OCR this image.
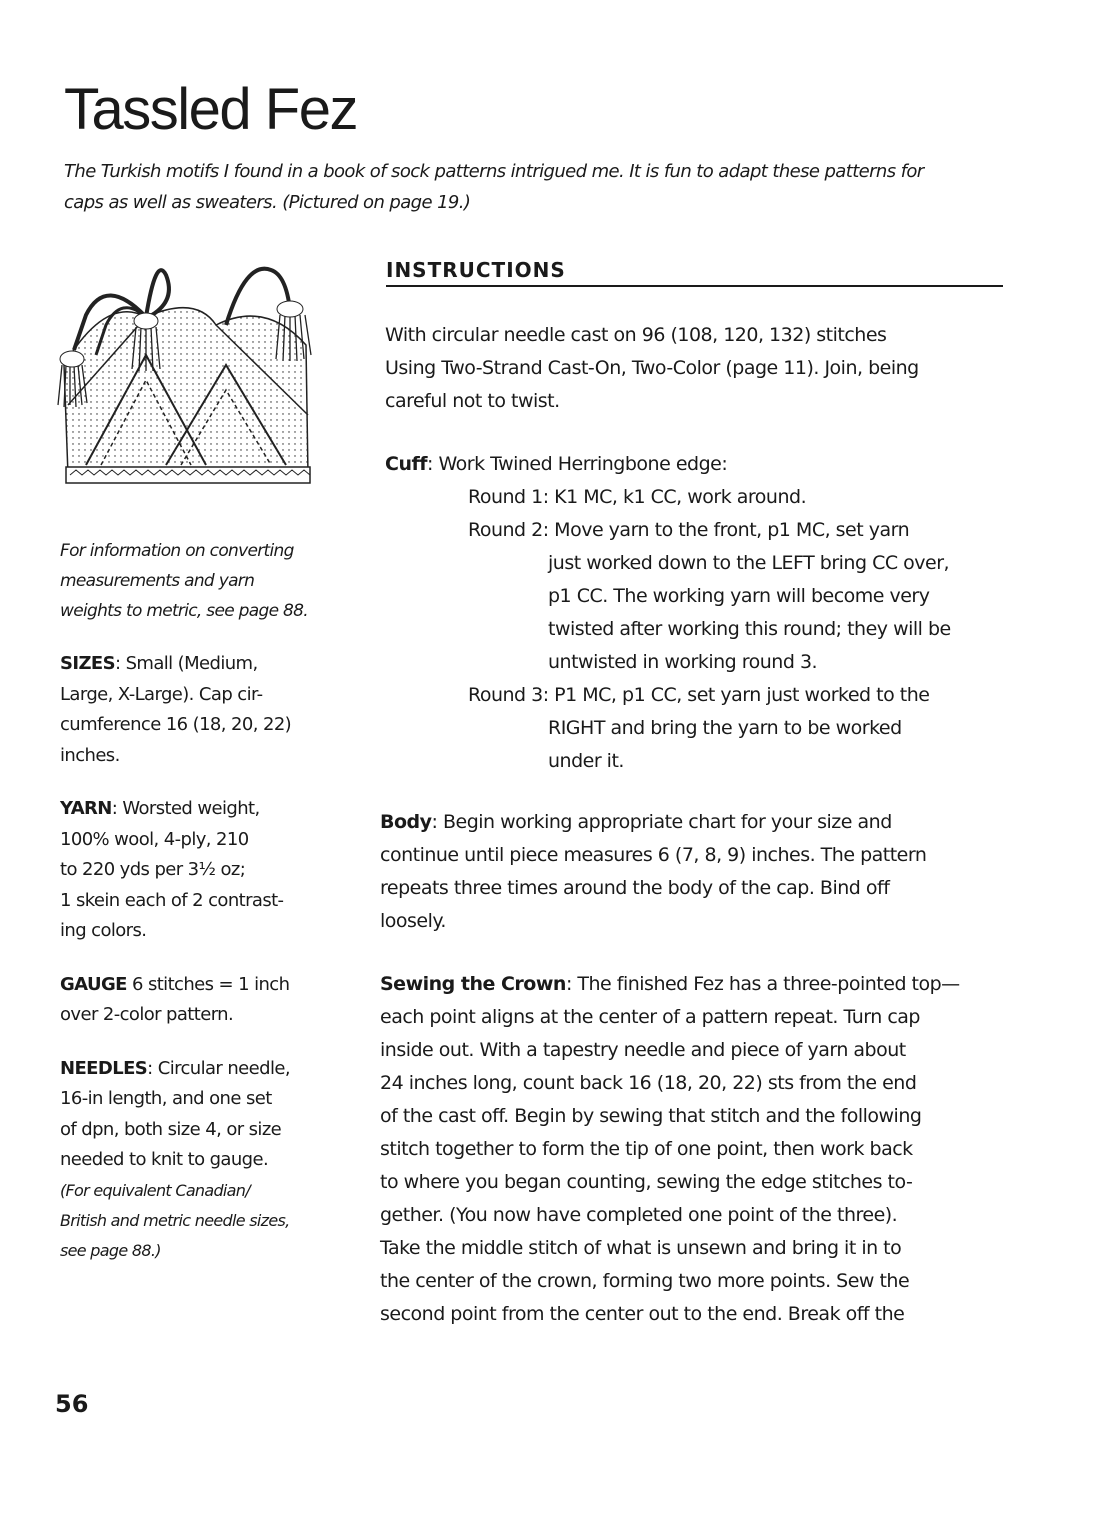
Tassled Fez
The Turkish motifs I found in a book of sock patterns intrigued me. It is fun to adapt these patterns for
caps as well as sweaters. (Pictured on page 19.)
For information on converting
measurements and yarn
weights to metric, see page 88.
SIZES: Small (Medium,
Large, X-Large). Cap cir-
cumference 16 (18, 20, 22)
inches.
YARN: Worsted weight,
100% wool, 4-ply, 210
to 220 yds per 3½ oz;
1 skein each of 2 contrast-
ing colors.
GAUGE 6 stitches = 1 inch
over 2-color pattern.
NEEDLES: Circular needle,
16-in length, and one set
of dpn, both size 4, or size
needed to knit to gauge.
(For equivalent Canadian/
British and metric needle sizes,
see page 88.)
INSTRUCTIONS
With circular needle cast on 96 (108, 120, 132) stitches
Using Two-Strand Cast-On, Two-Color (page 11). Join, being
careful not to twist.
Cuff: Work Twined Herringbone edge:
Round 1: K1 MC, k1 CC, work around.
Round 2: Move yarn to the front, p1 MC, set yarn
just worked down to the LEFT bring CC over,
p1 CC. The working yarn will become very
twisted after working this round; they will be
untwisted in working round 3.
Round 3: P1 MC, p1 CC, set yarn just worked to the
RIGHT and bring the yarn to be worked
under it.
Body: Begin working appropriate chart for your size and
continue until piece measures 6 (7, 8, 9) inches. The pattern
repeats three times around the body of the cap. Bind off
loosely.
Sewing the Crown: The finished Fez has a three-pointed top—
each point aligns at the center of a pattern repeat. Turn cap
inside out. With a tapestry needle and piece of yarn about
24 inches long, count back 16 (18, 20, 22) sts from the end
of the cast off. Begin by sewing that stitch and the following
stitch together to form the tip of one point, then work back
to where you began counting, sewing the edge stitches to-
gether. (You now have completed one point of the three).
Take the middle stitch of what is unsewn and bring it in to
the center of the crown, forming two more points. Sew the
second point from the center out to the end. Break off the
56
